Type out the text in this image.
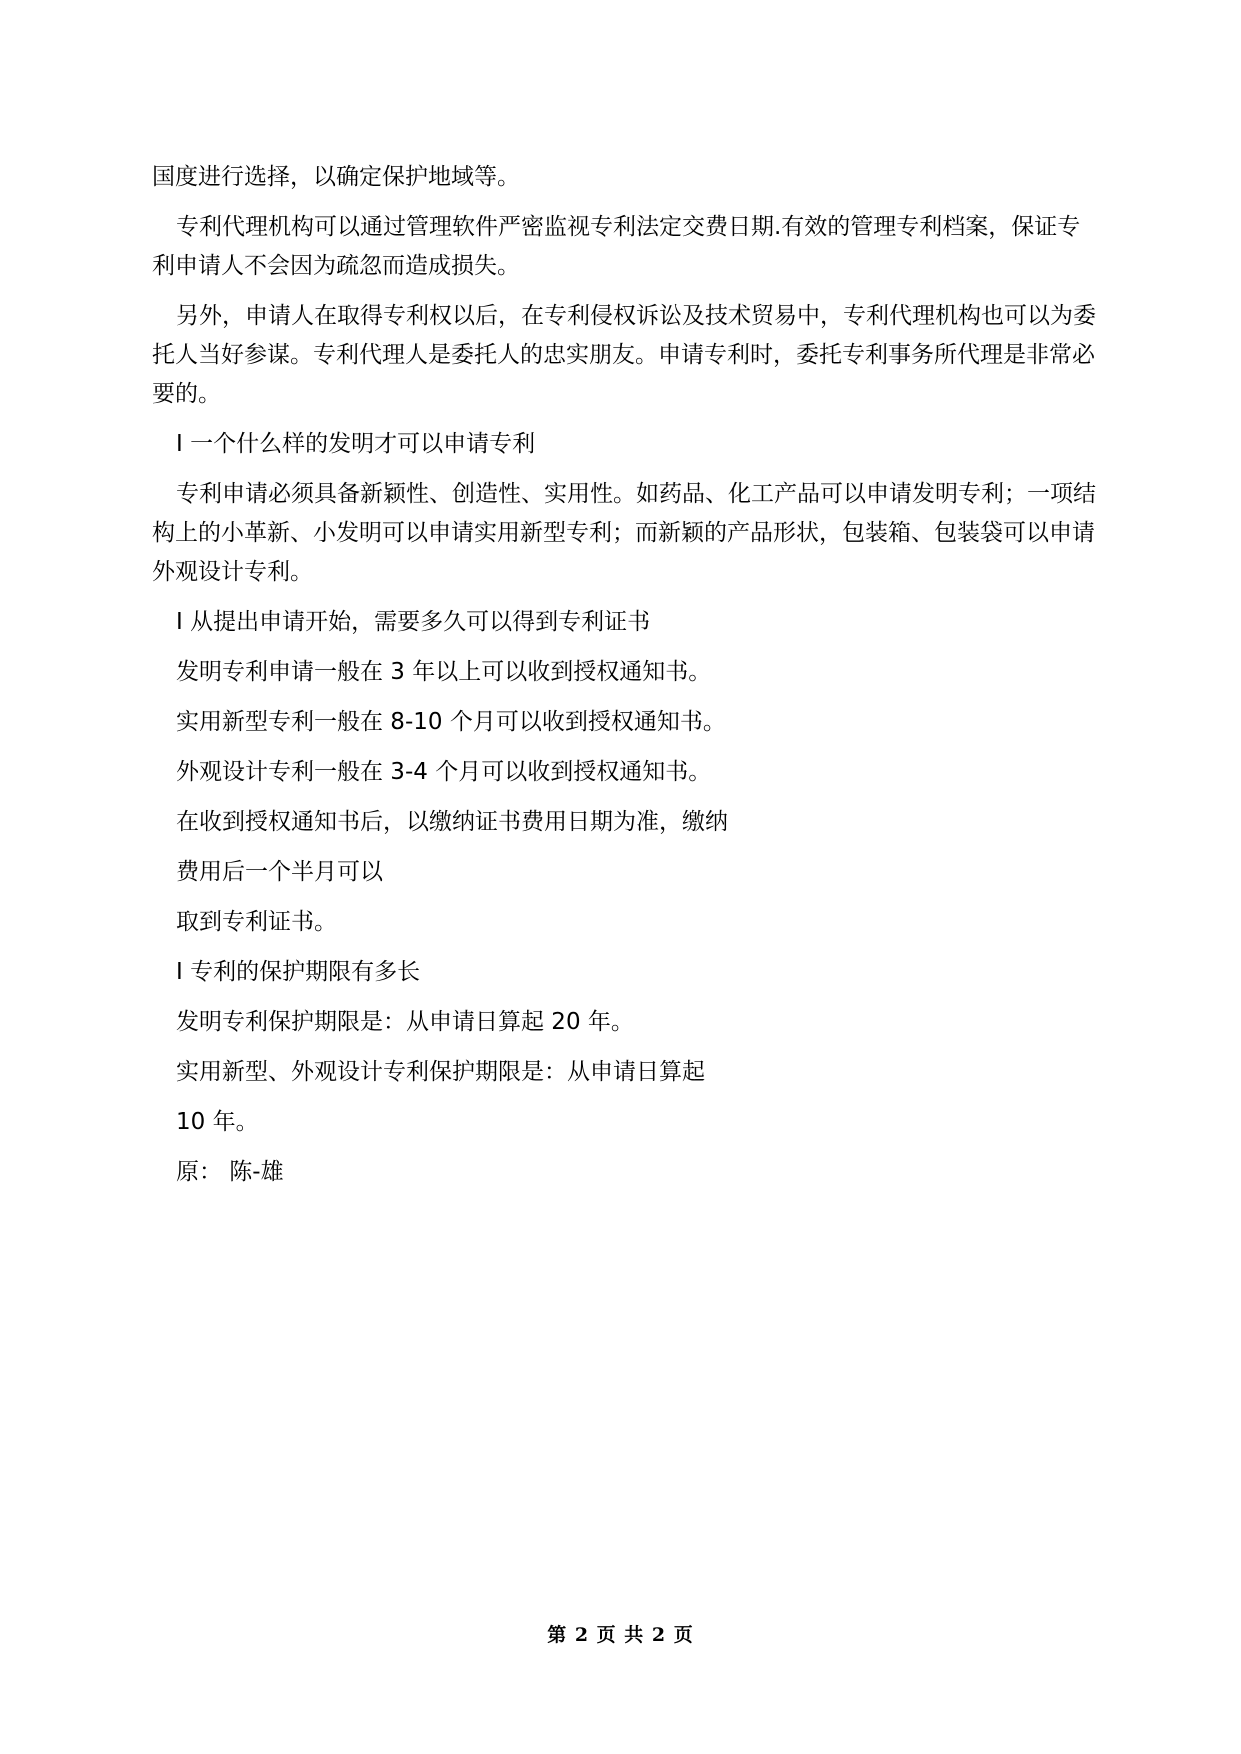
国度进行选择，以确定保护地域等。

专利代理机构可以通过管理软件严密监视专利法定交费日期.有效的管理专利档案，保证专利申请人不会因为疏忽而造成损失。

另外，申请人在取得专利权以后，在专利侵权诉讼及技术贸易中，专利代理机构也可以为委托人当好参谋。专利代理人是委托人的忠实朋友。申请专利时，委托专利事务所代理是非常必要的。

I 一个什么样的发明才可以申请专利

专利申请必须具备新颖性、创造性、实用性。如药品、化工产品可以申请发明专利；一项结构上的小革新、小发明可以申请实用新型专利；而新颖的产品形状，包装箱、包装袋可以申请外观设计专利。

I 从提出申请开始，需要多久可以得到专利证书

发明专利申请一般在 3 年以上可以收到授权通知书。

实用新型专利一般在 8-10 个月可以收到授权通知书。

外观设计专利一般在 3-4 个月可以收到授权通知书。

在收到授权通知书后，以缴纳证书费用日期为准，缴纳

费用后一个半月可以

取到专利证书。

I 专利的保护期限有多长

发明专利保护期限是：从申请日算起 20 年。

实用新型、外观设计专利保护期限是：从申请日算起

10 年。

原： 陈-雄

第 2 页 共 2 页
